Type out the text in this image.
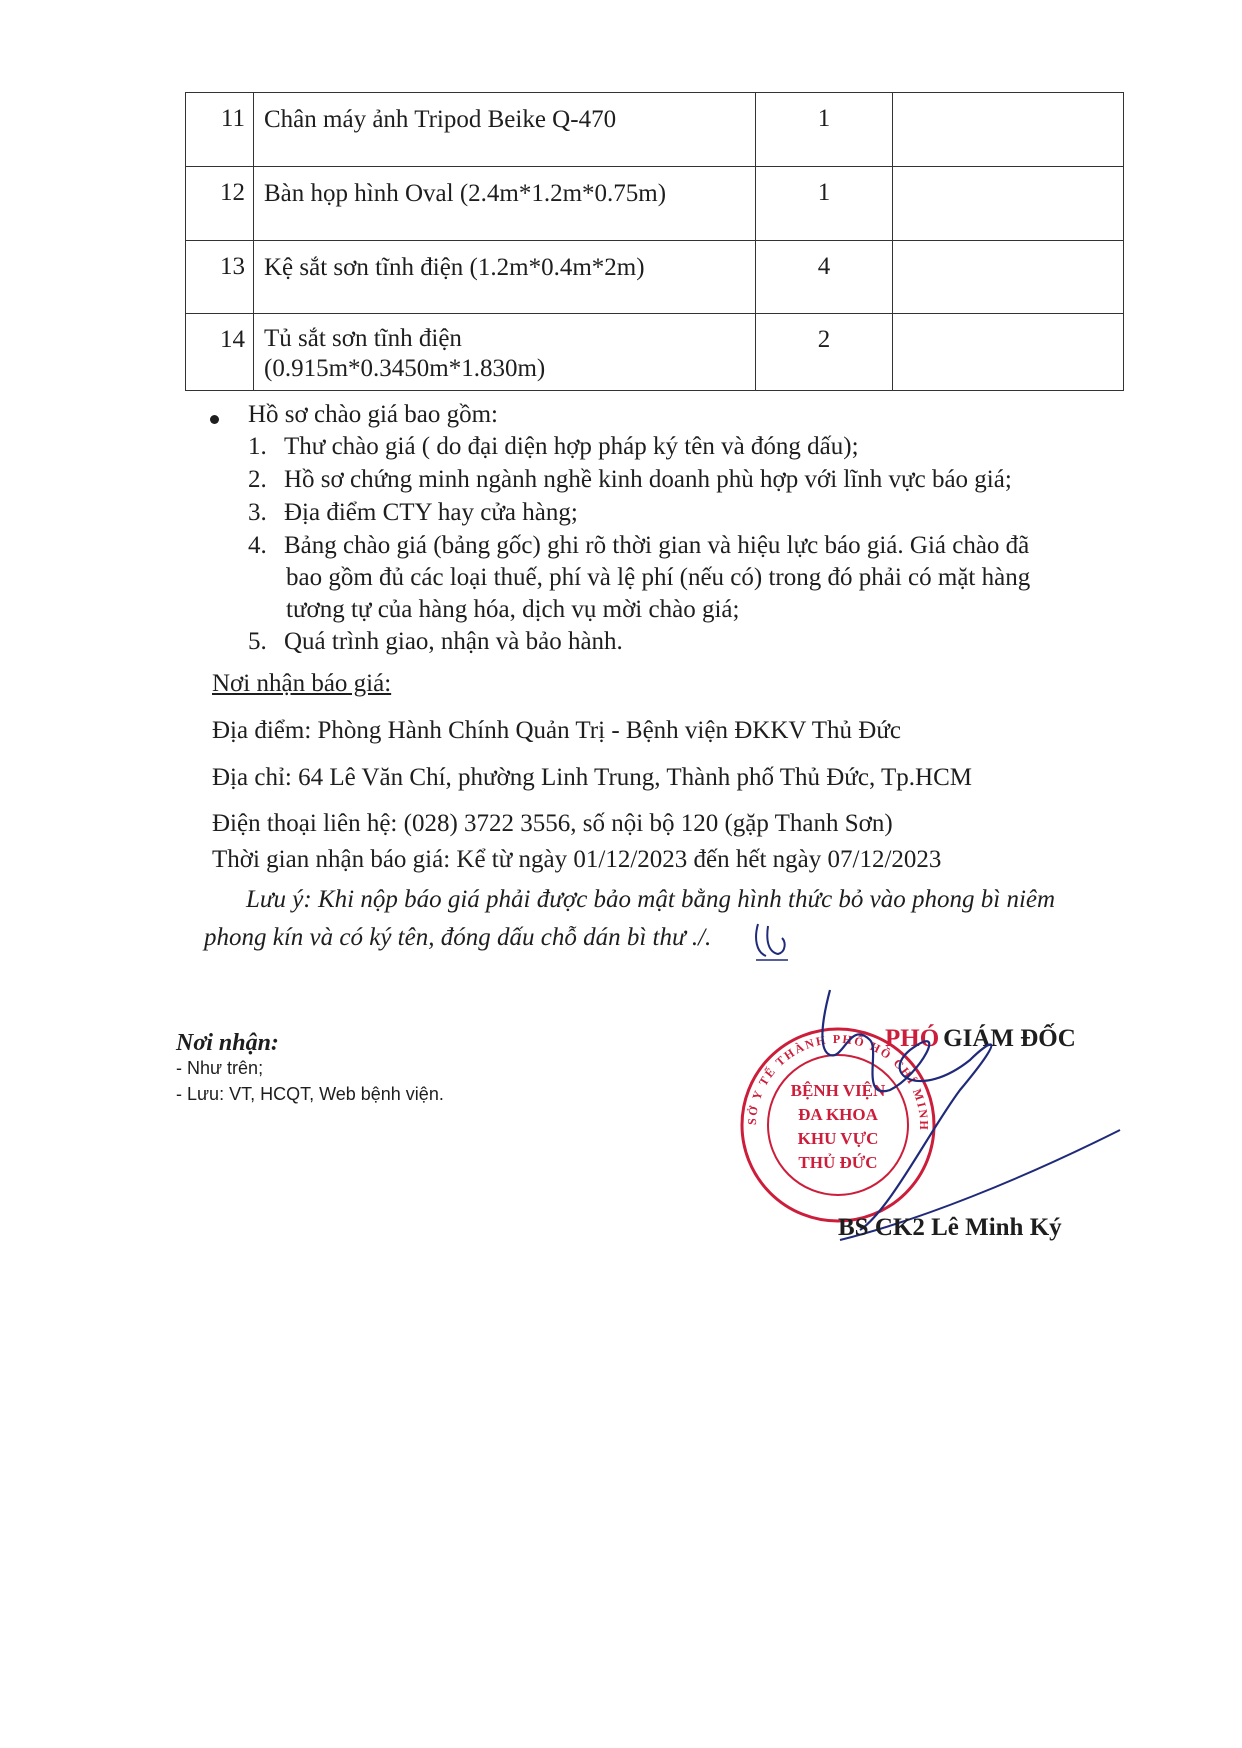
11	Chân máy ảnh Tripod Beike Q-470	1	

12	Bàn họp hình Oval (2.4m*1.2m*0.75m)	1	

13	Kệ sắt sơn tĩnh điện (1.2m*0.4m*2m)	4	

14	Tủ sắt sơn tĩnh điện
(0.915m*0.3450m*1.830m)	2	

Hồ sơ chào giá bao gồm:
1. Thư chào giá ( do đại diện hợp pháp ký tên và đóng dấu);
2. Hồ sơ chứng minh ngành nghề kinh doanh phù hợp với lĩnh vực báo giá;
3. Địa điểm CTY hay cửa hàng;
4. Bảng chào giá (bảng gốc) ghi rõ thời gian và hiệu lực báo giá. Giá chào đã
bao gồm đủ các loại thuế, phí và lệ phí (nếu có) trong đó phải có mặt hàng
tương tự của hàng hóa, dịch vụ mời chào giá;
5. Quá trình giao, nhận và bảo hành.
Nơi nhận báo giá:
Địa điểm: Phòng Hành Chính Quản Trị - Bệnh viện ĐKKV Thủ Đức
Địa chỉ: 64 Lê Văn Chí, phường Linh Trung, Thành phố Thủ Đức, Tp.HCM
Điện thoại liên hệ: (028) 3722 3556, số nội bộ 120 (gặp Thanh Sơn)
Thời gian nhận báo giá: Kể từ ngày 01/12/2023 đến hết ngày 07/12/2023
Lưu ý: Khi nộp báo giá phải được bảo mật bằng hình thức bỏ vào phong bì niêm
phong kín và có ký tên, đóng dấu chỗ dán bì thư ./.
Nơi nhận:
- Như trên;
- Lưu: VT, HCQT, Web bệnh viện.
PHÓ GIÁM ĐỐC
SỞ Y TẾ THÀNH PHỐ HỒ CHÍ MINH
BỆNH VIỆN
ĐA KHOA
KHU VỰC
THỦ ĐỨC
BS CK2 Lê Minh Ký
